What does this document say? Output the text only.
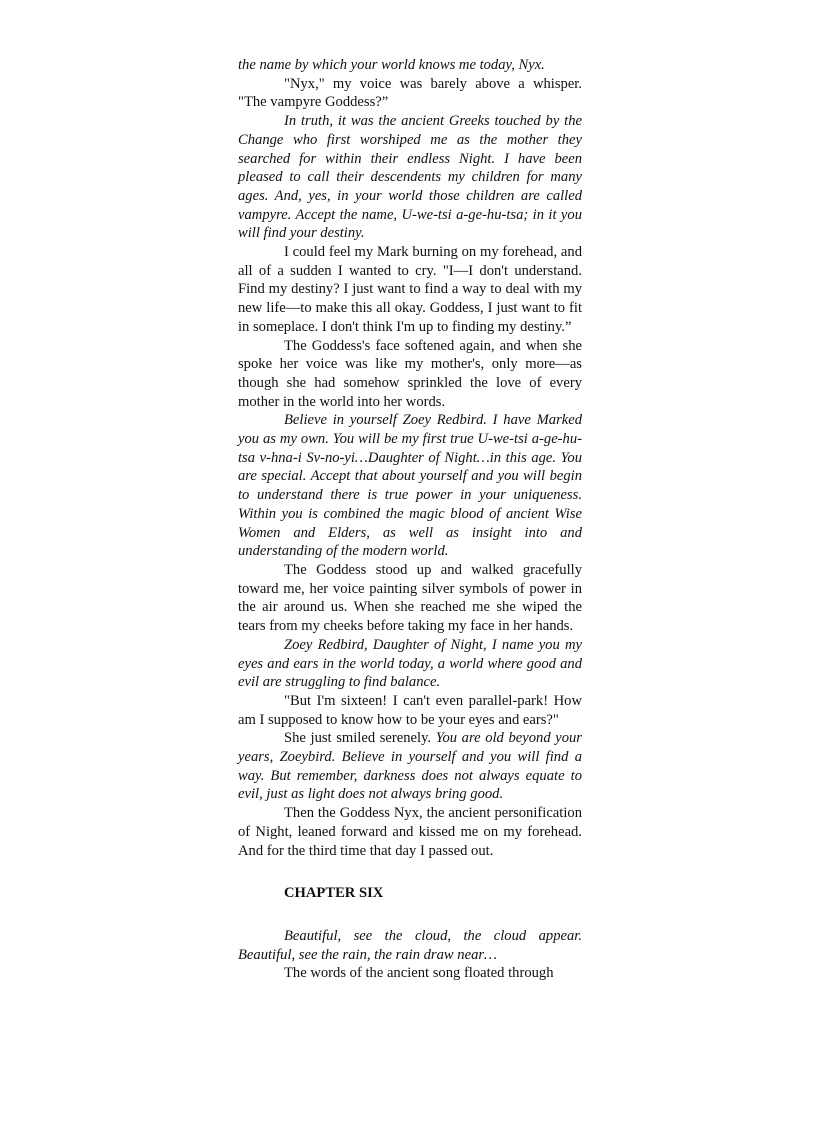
the name by which your world knows me today, Nyx.

"Nyx," my voice was barely above a whisper. "The vampyre Goddess?”

In truth, it was the ancient Greeks touched by the Change who first worshiped me as the mother they searched for within their endless Night. I have been pleased to call their descendents my children for many ages. And, yes, in your world those children are called vampyre. Accept the name, U-we-tsi a-ge-hu-tsa; in it you will find your destiny.

I could feel my Mark burning on my forehead, and all of a sudden I wanted to cry. "I—I don't understand. Find my destiny? I just want to find a way to deal with my new life—to make this all okay. Goddess, I just want to fit in someplace. I don't think I'm up to finding my destiny.”

The Goddess's face softened again, and when she spoke her voice was like my mother's, only more—as though she had somehow sprinkled the love of every mother in the world into her words.

Believe in yourself Zoey Redbird. I have Marked you as my own. You will be my first true U-we-tsi a-ge-hu-tsa v-hna-i Sv-no-yi…Daughter of Night…in this age. You are special. Accept that about yourself and you will begin to understand there is true power in your uniqueness. Within you is combined the magic blood of ancient Wise Women and Elders, as well as insight into and understanding of the modern world.

The Goddess stood up and walked gracefully toward me, her voice painting silver symbols of power in the air around us. When she reached me she wiped the tears from my cheeks before taking my face in her hands.

Zoey Redbird, Daughter of Night, I name you my eyes and ears in the world today, a world where good and evil are struggling to find balance.

"But I'm sixteen! I can't even parallel-park! How am I supposed to know how to be your eyes and ears?"

She just smiled serenely. You are old beyond your years, Zoeybird. Believe in yourself and you will find a way. But remember, darkness does not always equate to evil, just as light does not always bring good.

Then the Goddess Nyx, the ancient personification of Night, leaned forward and kissed me on my forehead. And for the third time that day I passed out.

CHAPTER SIX

Beautiful, see the cloud, the cloud appear. Beautiful, see the rain, the rain draw near…

The words of the ancient song floated through
